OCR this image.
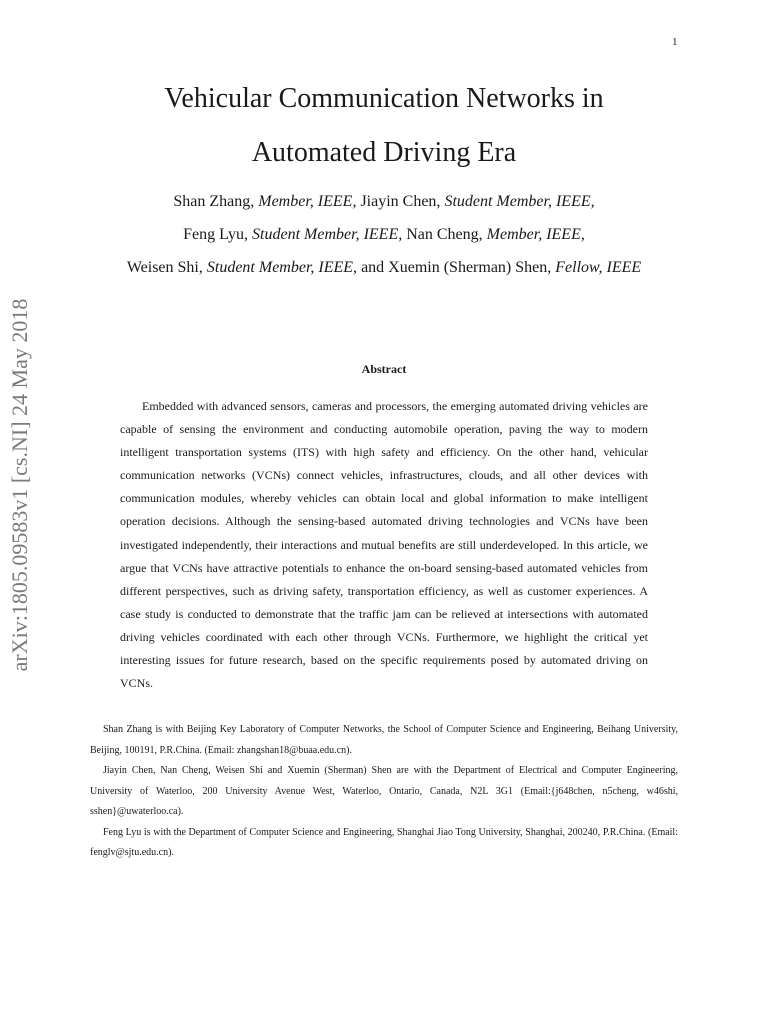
1
arXiv:1805.09583v1 [cs.NI] 24 May 2018
Vehicular Communication Networks in
Automated Driving Era
Shan Zhang, Member, IEEE, Jiayin Chen, Student Member, IEEE,
Feng Lyu, Student Member, IEEE, Nan Cheng, Member, IEEE,
Weisen Shi, Student Member, IEEE, and Xuemin (Sherman) Shen, Fellow, IEEE
Abstract

Embedded with advanced sensors, cameras and processors, the emerging automated driving vehicles are capable of sensing the environment and conducting automobile operation, paving the way to modern intelligent transportation systems (ITS) with high safety and efficiency. On the other hand, vehicular communication networks (VCNs) connect vehicles, infrastructures, clouds, and all other devices with communication modules, whereby vehicles can obtain local and global information to make intelligent operation decisions. Although the sensing-based automated driving technologies and VCNs have been investigated independently, their interactions and mutual benefits are still underdeveloped. In this article, we argue that VCNs have attractive potentials to enhance the on-board sensing-based automated vehicles from different perspectives, such as driving safety, transportation efficiency, as well as customer experiences. A case study is conducted to demonstrate that the traffic jam can be relieved at intersections with automated driving vehicles coordinated with each other through VCNs. Furthermore, we highlight the critical yet interesting issues for future research, based on the specific requirements posed by automated driving on VCNs.

Shan Zhang is with Beijing Key Laboratory of Computer Networks, the School of Computer Science and Engineering, Beihang University, Beijing, 100191, P.R.China. (Email: zhangshan18@buaa.edu.cn).

Jiayin Chen, Nan Cheng, Weisen Shi and Xuemin (Sherman) Shen are with the Department of Electrical and Computer Engineering, University of Waterloo, 200 University Avenue West, Waterloo, Ontario, Canada, N2L 3G1 (Email:{j648chen, n5cheng, w46shi, sshen}@uwaterloo.ca).

Feng Lyu is with the Department of Computer Science and Engineering, Shanghai Jiao Tong University, Shanghai, 200240, P.R.China. (Email: fenglv@sjtu.edu.cn).
